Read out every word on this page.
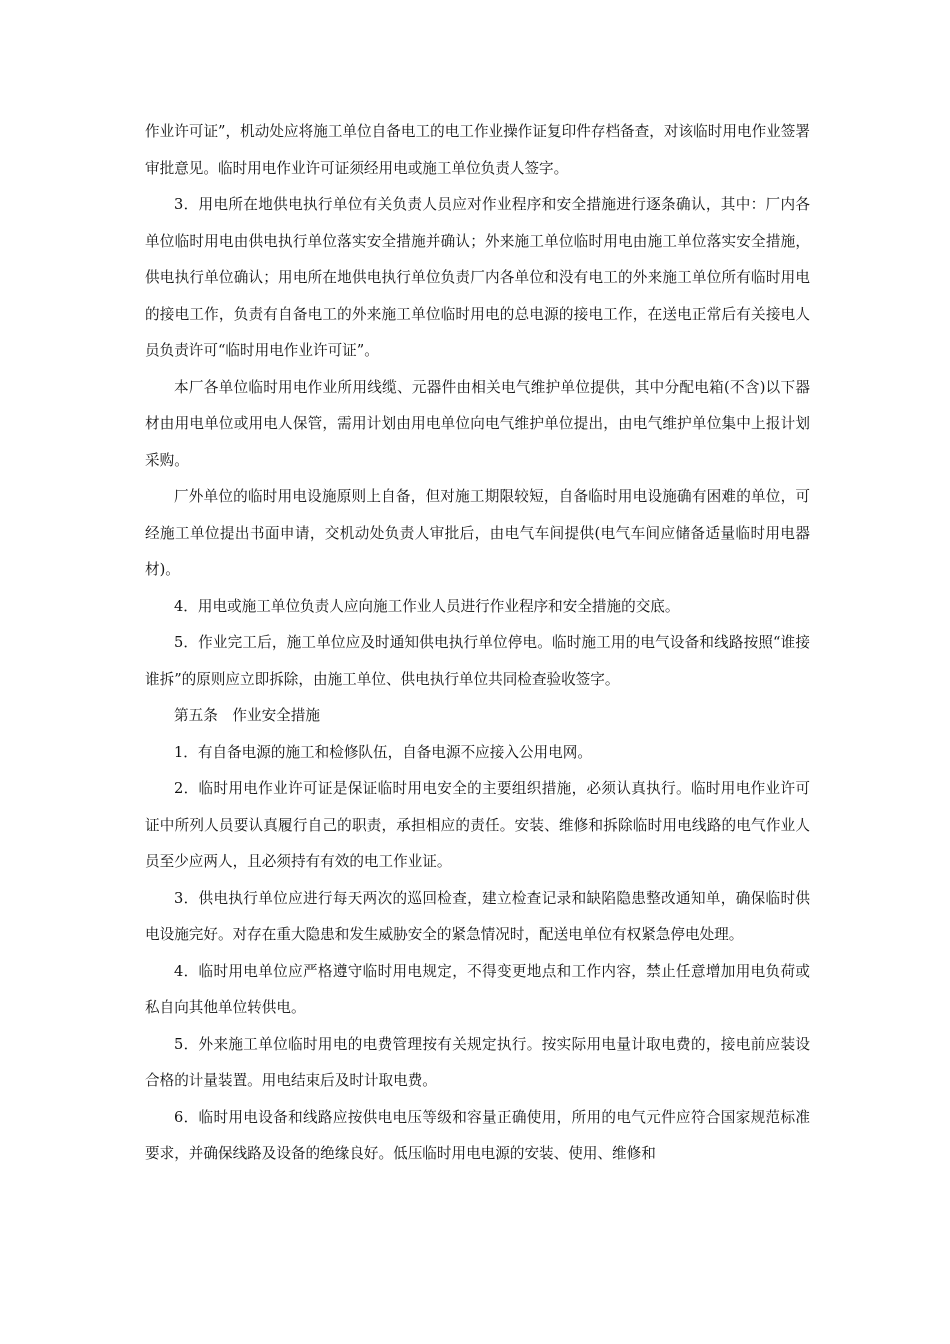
作业许可证”，机动处应将施工单位自备电工的电工作业操作证复印件存档备查，对该临时用电作业签署审批意见。临时用电作业许可证须经用电或施工单位负责人签字。

3．用电所在地供电执行单位有关负责人员应对作业程序和安全措施进行逐条确认，其中：厂内各单位临时用电由供电执行单位落实安全措施并确认；外来施工单位临时用电由施工单位落实安全措施，供电执行单位确认；用电所在地供电执行单位负责厂内各单位和没有电工的外来施工单位所有临时用电的接电工作，负责有自备电工的外来施工单位临时用电的总电源的接电工作，在送电正常后有关接电人员负责许可“临时用电作业许可证”。

本厂各单位临时用电作业所用线缆、元器件由相关电气维护单位提供，其中分配电箱(不含)以下器材由用电单位或用电人保管，需用计划由用电单位向电气维护单位提出，由电气维护单位集中上报计划采购。

厂外单位的临时用电设施原则上自备，但对施工期限较短，自备临时用电设施确有困难的单位，可经施工单位提出书面申请，交机动处负责人审批后，由电气车间提供(电气车间应储备适量临时用电器材)。

4．用电或施工单位负责人应向施工作业人员进行作业程序和安全措施的交底。

5．作业完工后，施工单位应及时通知供电执行单位停电。临时施工用的电气设备和线路按照“谁接谁拆”的原则应立即拆除，由施工单位、供电执行单位共同检查验收签字。

第五条　作业安全措施

1．有自备电源的施工和检修队伍，自备电源不应接入公用电网。

2．临时用电作业许可证是保证临时用电安全的主要组织措施，必须认真执行。临时用电作业许可证中所列人员要认真履行自己的职责，承担相应的责任。安装、维修和拆除临时用电线路的电气作业人员至少应两人，且必须持有有效的电工作业证。

3．供电执行单位应进行每天两次的巡回检查，建立检查记录和缺陷隐患整改通知单，确保临时供电设施完好。对存在重大隐患和发生威胁安全的紧急情况时，配送电单位有权紧急停电处理。

4．临时用电单位应严格遵守临时用电规定，不得变更地点和工作内容，禁止任意增加用电负荷或私自向其他单位转供电。

5．外来施工单位临时用电的电费管理按有关规定执行。按实际用电量计取电费的，接电前应装设合格的计量装置。用电结束后及时计取电费。

6．临时用电设备和线路应按供电电压等级和容量正确使用，所用的电气元件应符合国家规范标准要求，并确保线路及设备的绝缘良好。低压临时用电电源的安装、使用、维修和
